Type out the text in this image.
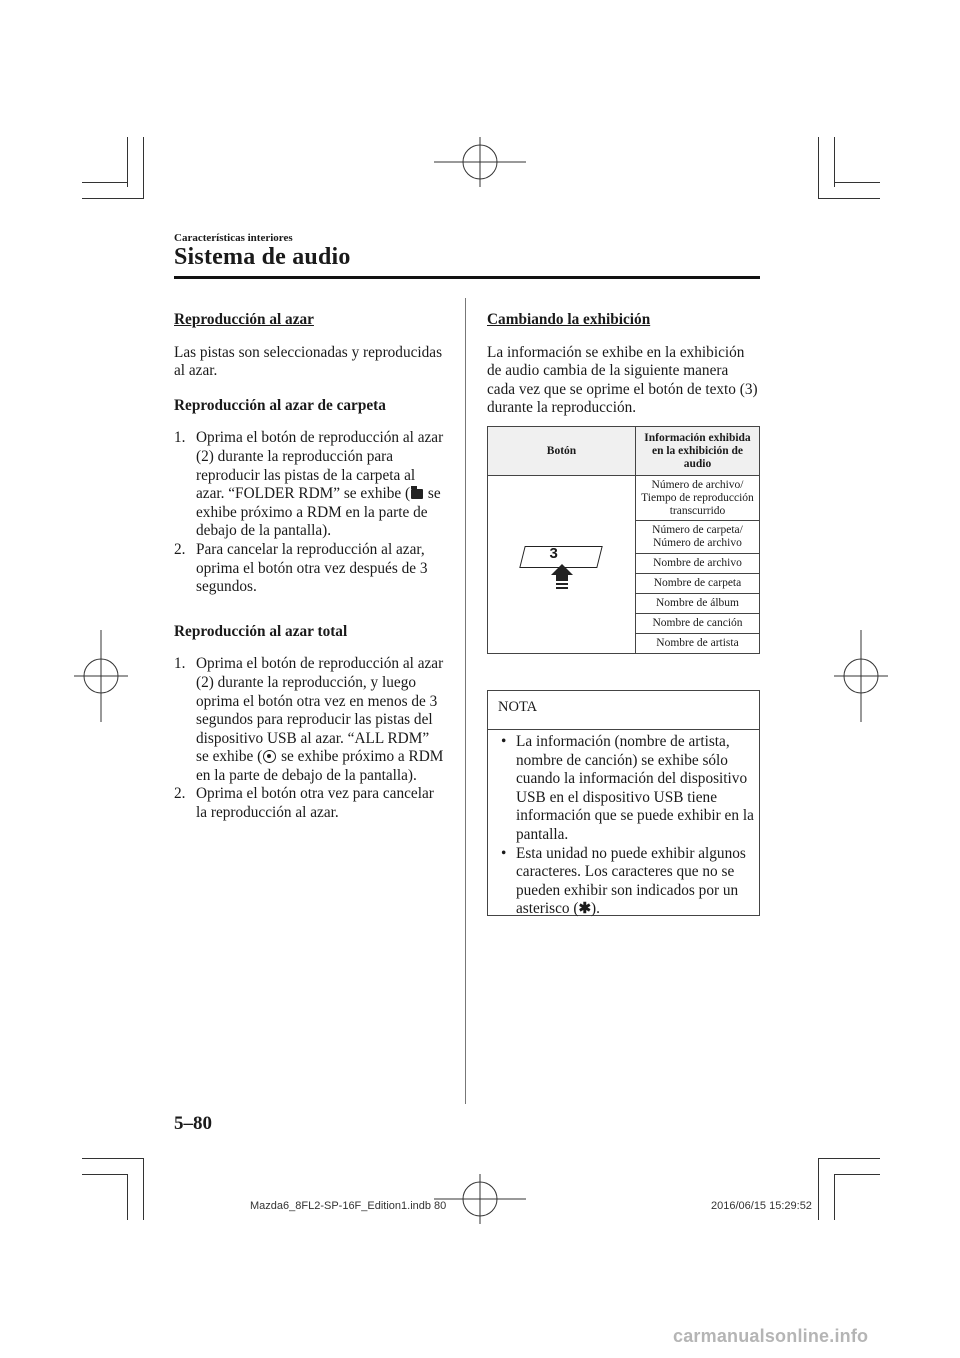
Características interiores
Sistema de audio
Reproducción al azar

Las pistas son seleccionadas y reproducidas al azar.

Reproducción al azar de carpeta
1. Oprima el botón de reproducción al azar (2) durante la reproducción para reproducir las pistas de la carpeta al azar. “FOLDER RDM” se exhibe ( se exhibe próximo a RDM en la parte de debajo de la pantalla).
2. Para cancelar la reproducción al azar, oprima el botón otra vez después de 3 segundos.
Reproducción al azar total
1. Oprima el botón de reproducción al azar (2) durante la reproducción, y luego oprima el botón otra vez en menos de 3 segundos para reproducir las pistas del dispositivo USB al azar. “ALL RDM” se exhibe ( se exhibe próximo a RDM en la parte de debajo de la pantalla).
2. Oprima el botón otra vez para cancelar la reproducción al azar.
Cambiando la exhibición

La información se exhibe en la exhibición de audio cambia de la siguiente manera cada vez que se oprime el botón de texto (3) durante la reproducción.

Botón	Información exhibida en la exhibición de audio

3	Número de archivo/ Tiempo de reproducción transcurrido
	Número de carpeta/ Número de archivo
	Nombre de archivo
	Nombre de carpeta
	Nombre de álbum
	Nombre de canción
	Nombre de artista
NOTA
• La información (nombre de artista, nombre de canción) se exhibe sólo cuando la información del dispositivo USB en el dispositivo USB tiene información que se puede exhibir en la pantalla.
• Esta unidad no puede exhibir algunos caracteres. Los caracteres que no se pueden exhibir son indicados por un asterisco (✱).
5–80
Mazda6_8FL2-SP-16F_Edition1.indb 80	2016/06/15 15:29:52
carmanualsonline.info
